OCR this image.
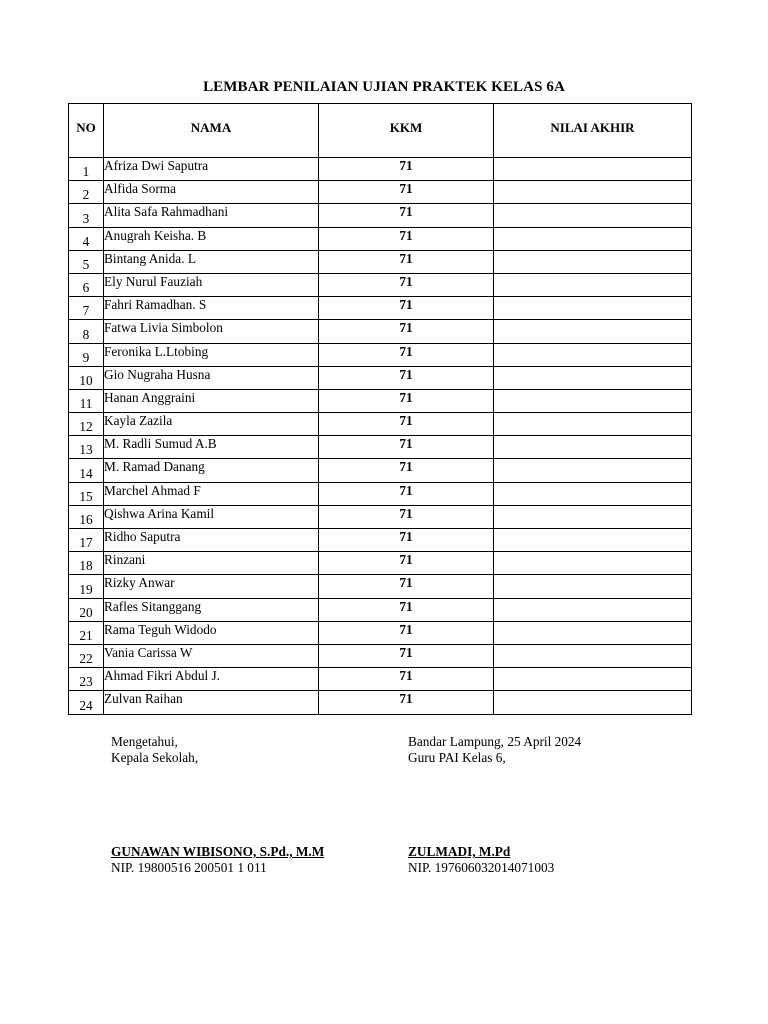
LEMBAR PENILAIAN UJIAN PRAKTEK KELAS 6A
NO	NAMA	KKM	NILAI AKHIR
1	Afriza Dwi Saputra	71	
2	Alfida Sorma	71	
3	Alita Safa Rahmadhani	71	
4	Anugrah Keisha. B	71	
5	Bintang Anida. L	71	
6	Ely Nurul Fauziah	71	
7	Fahri Ramadhan. S	71	
8	Fatwa Livia Simbolon	71	
9	Feronika L.Ltobing	71	
10	Gio Nugraha Husna	71	
11	Hanan Anggraini	71	
12	Kayla Zazila	71	
13	M. Radli Sumud A.B	71	
14	M. Ramad Danang	71	
15	Marchel Ahmad F	71	
16	Qishwa Arina Kamil	71	
17	Ridho Saputra	71	
18	Rinzani	71	
19	Rizky Anwar	71	
20	Rafles Sitanggang	71	
21	Rama Teguh Widodo	71	
22	Vania Carissa W	71	
23	Ahmad Fikri Abdul J.	71	
24	Zulvan Raihan	71	
Mengetahui,
Kepala Sekolah,
GUNAWAN WIBISONO, S.Pd., M.M
NIP. 19800516 200501 1 011
Bandar Lampung, 25 April 2024
Guru PAI Kelas 6,
ZULMADI, M.Pd
NIP. 197606032014071003
